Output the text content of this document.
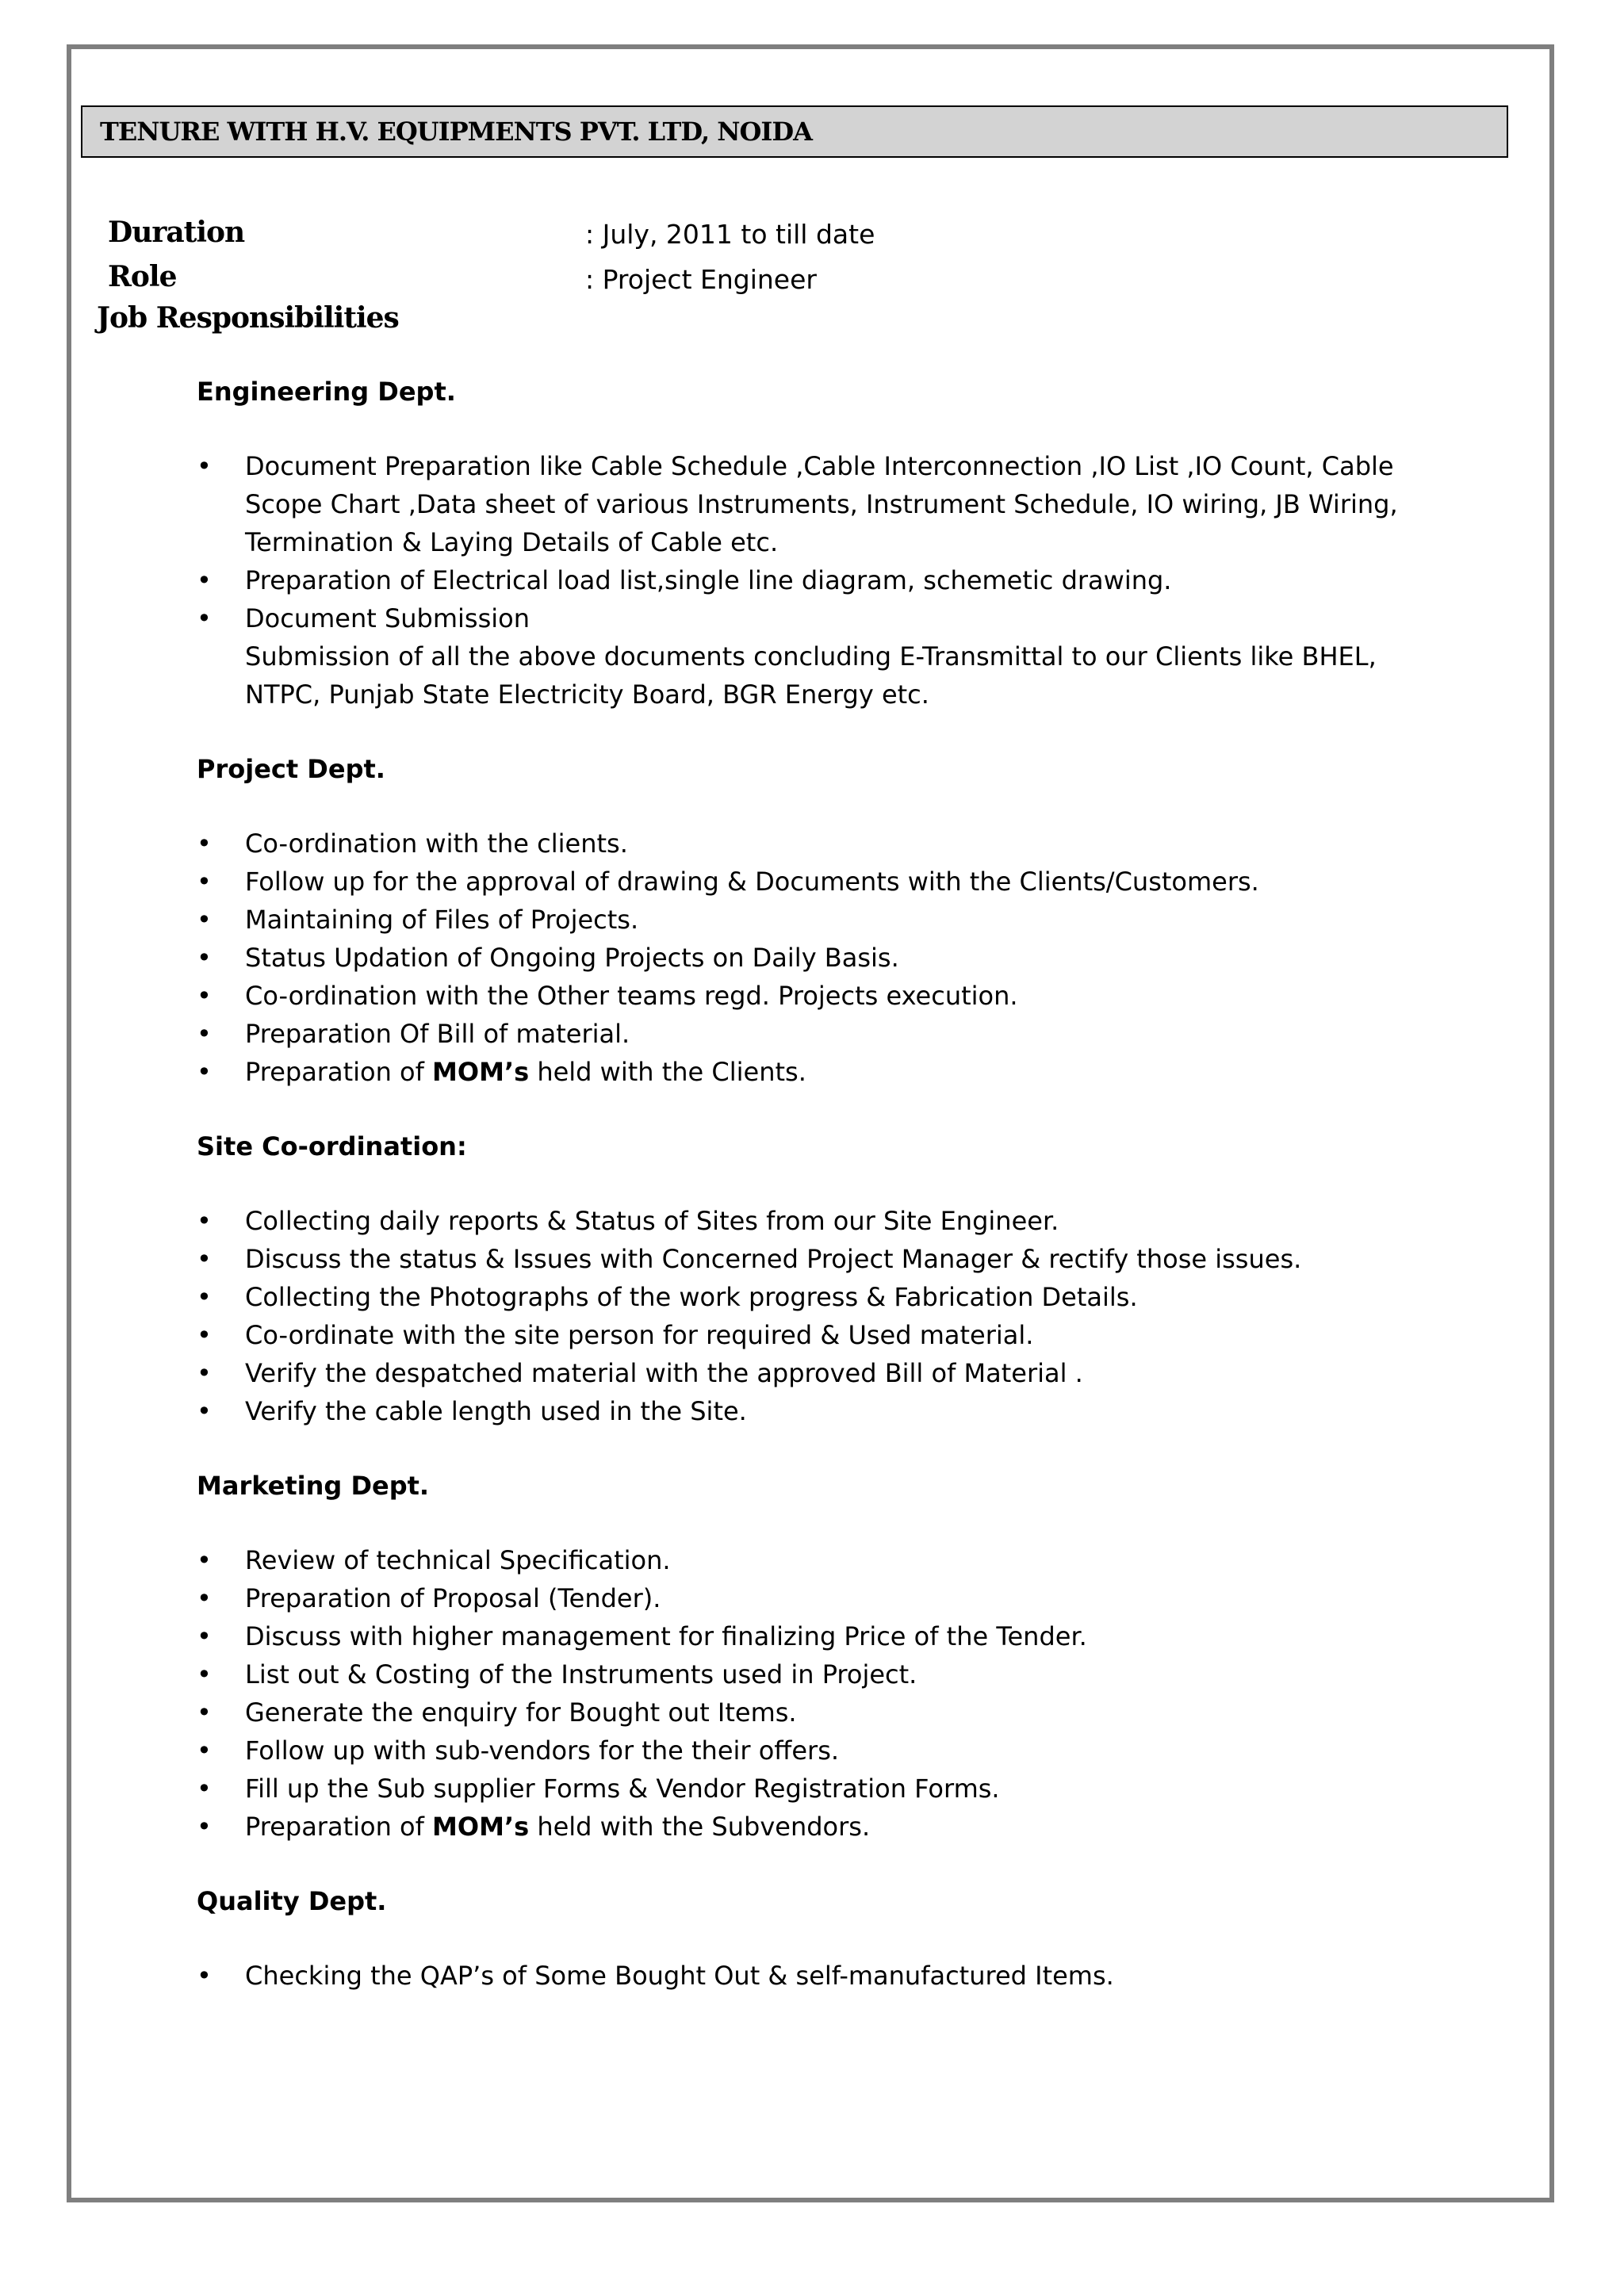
TENURE WITH H.V. EQUIPMENTS PVT. LTD, NOIDA
Duration	: July, 2011 to till date
Role	: Project Engineer
Job Responsibilities

Engineering Dept.

• Document Preparation like Cable Schedule ,Cable Interconnection ,IO List ,IO Count, Cable
Scope Chart ,Data sheet of various Instruments, Instrument Schedule, IO wiring, JB Wiring,
Termination & Laying Details of Cable etc.
• Preparation of Electrical load list,single line diagram, schemetic drawing.
• Document Submission
Submission of all the above documents concluding E-Transmittal to our Clients like BHEL,
NTPC, Punjab State Electricity Board, BGR Energy etc.

Project Dept.

• Co-ordination with the clients.
• Follow up for the approval of drawing & Documents with the Clients/Customers.
• Maintaining of Files of Projects.
• Status Updation of Ongoing Projects on Daily Basis.
• Co-ordination with the Other teams regd. Projects execution.
• Preparation Of Bill of material.
• Preparation of MOM’s held with the Clients.

Site Co-ordination:

• Collecting daily reports & Status of Sites from our Site Engineer.
• Discuss the status & Issues with Concerned Project Manager & rectify those issues.
• Collecting the Photographs of the work progress & Fabrication Details.
• Co-ordinate with the site person for required & Used material.
• Verify the despatched material with the approved Bill of Material .
• Verify the cable length used in the Site.

Marketing Dept.

• Review of technical Specification.
• Preparation of Proposal (Tender).
• Discuss with higher management for finalizing Price of the Tender.
• List out & Costing of the Instruments used in Project.
• Generate the enquiry for Bought out Items.
• Follow up with sub-vendors for the their offers.
• Fill up the Sub supplier Forms & Vendor Registration Forms.
• Preparation of MOM’s held with the Subvendors.

Quality Dept.

• Checking the QAP’s of Some Bought Out & self-manufactured Items.
